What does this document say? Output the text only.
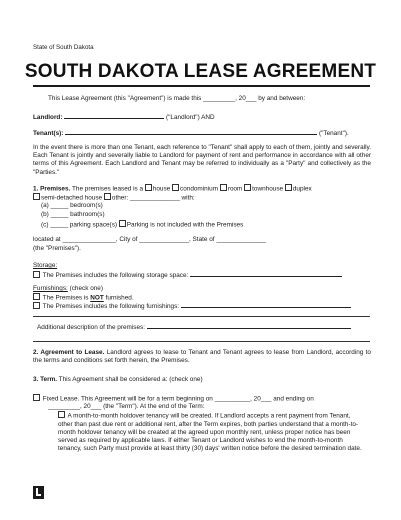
State of South Dakota
SOUTH DAKOTA LEASE AGREEMENT
This Lease Agreement (this "Agreement") is made this _________, 20___ by and between:
Landlord:	("Landlord") AND
Tenant(s):	("Tenant").
In the event there is more than one Tenant, each reference to "Tenant" shall apply to each of them, jointly and severally. Each Tenant is jointly and severally liable to Landlord for payment of rent and performance in accordance with all other terms of this Agreement. Each Landlord and Tenant may be referred to individually as a "Party" and collectively as the "Parties."
1. Premises. The premises leased is a house condominium room townhouse duplex
semi-detached house other: ______________ with:
(a) _____ bedroom(s)
(b) _____ bathroom(s)
(c) _____ parking space(s) Parking is not included with the Premises
located at _______________, City of ______________, State of ______________
(the "Premises").
Storage:
The Premises includes the following storage space:
Furnishings: (check one)
The Premises is NOT furnished.
The Premises includes the following furnishings:
Additional description of the premises:
2. Agreement to Lease. Landlord agrees to lease to Tenant and Tenant agrees to lease from Landlord, according to the terms and conditions set forth herein, the Premises.
3. Term. This Agreement shall be considered a: (check one)
Fixed Lease. This Agreement will be for a term beginning on __________, 20___ and ending on
_________, 20___ (the "Term"). At the end of the Term:
A month-to-month holdover tenancy will be created. If Landlord accepts a rent payment from Tenant, other than past due rent or additional rent, after the Term expires, both parties understand that a month-to-month holdover tenancy will be created at the agreed upon monthly rent, unless proper notice has been served as required by applicable laws. If either Tenant or Landlord wishes to end the month-to-month tenancy, such Party must provide at least thirty (30) days' written notice before the desired termination date.
